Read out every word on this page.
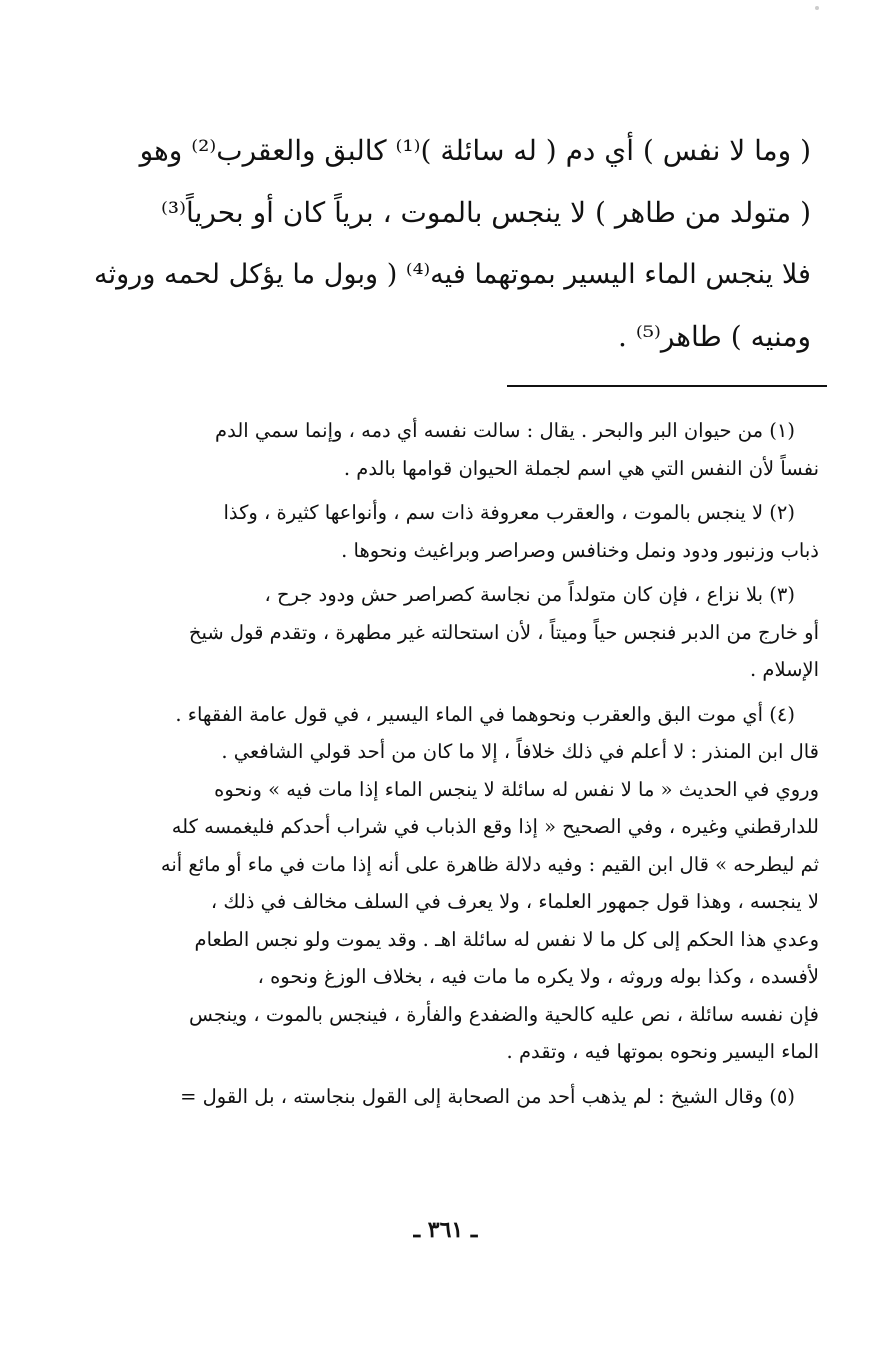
( وما لا نفس ) أي دم ( له سائلة )⁽¹⁾ كالبق والعقرب⁽²⁾ وهو
( متولد من طاهر ) لا ينجس بالموت ، برياً كان أو بحرياً⁽³⁾
فلا ينجس الماء اليسير بموتهما فيه⁽⁴⁾ ( وبول ما يؤكل لحمه وروثه
ومنيه ) طاهر⁽⁵⁾ .

(١) من حيوان البر والبحر . يقال : سالت نفسه أي دمه ، وإنما سمي الدم
نفساً لأن النفس التي هي اسم لجملة الحيوان قوامها بالدم .
(٢) لا ينجس بالموت ، والعقرب معروفة ذات سم ، وأنواعها كثيرة ، وكذا
ذباب وزنبور ودود ونمل وخنافس وصراصر وبراغيث ونحوها .
(٣) بلا نزاع ، فإن كان متولداً من نجاسة كصراصر حش ودود جرح ،
أو خارج من الدبر فنجس حياً وميتاً ، لأن استحالته غير مطهرة ، وتقدم قول شيخ
الإسلام .
(٤) أي موت البق والعقرب ونحوهما في الماء اليسير ، في قول عامة الفقهاء .
قال ابن المنذر : لا أعلم في ذلك خلافاً ، إلا ما كان من أحد قولي الشافعي .
وروي في الحديث « ما لا نفس له سائلة لا ينجس الماء إذا مات فيه » ونحوه
للدارقطني وغيره ، وفي الصحيح « إذا وقع الذباب في شراب أحدكم فليغمسه كله
ثم ليطرحه » قال ابن القيم : وفيه دلالة ظاهرة على أنه إذا مات في ماء أو مائع أنه
لا ينجسه ، وهذا قول جمهور العلماء ، ولا يعرف في السلف مخالف في ذلك ،
وعدي هذا الحكم إلى كل ما لا نفس له سائلة اهـ . وقد يموت ولو نجس الطعام
لأفسده ، وكذا بوله وروثه ، ولا يكره ما مات فيه ، بخلاف الوزغ ونحوه ،
فإن نفسه سائلة ، نص عليه كالحية والضفدع والفأرة ، فينجس بالموت ، وينجس
الماء اليسير ونحوه بموتها فيه ، وتقدم .
(٥) وقال الشيخ : لم يذهب أحد من الصحابة إلى القول بنجاسته ، بل القول =
ـ ٣٦١ ـ
